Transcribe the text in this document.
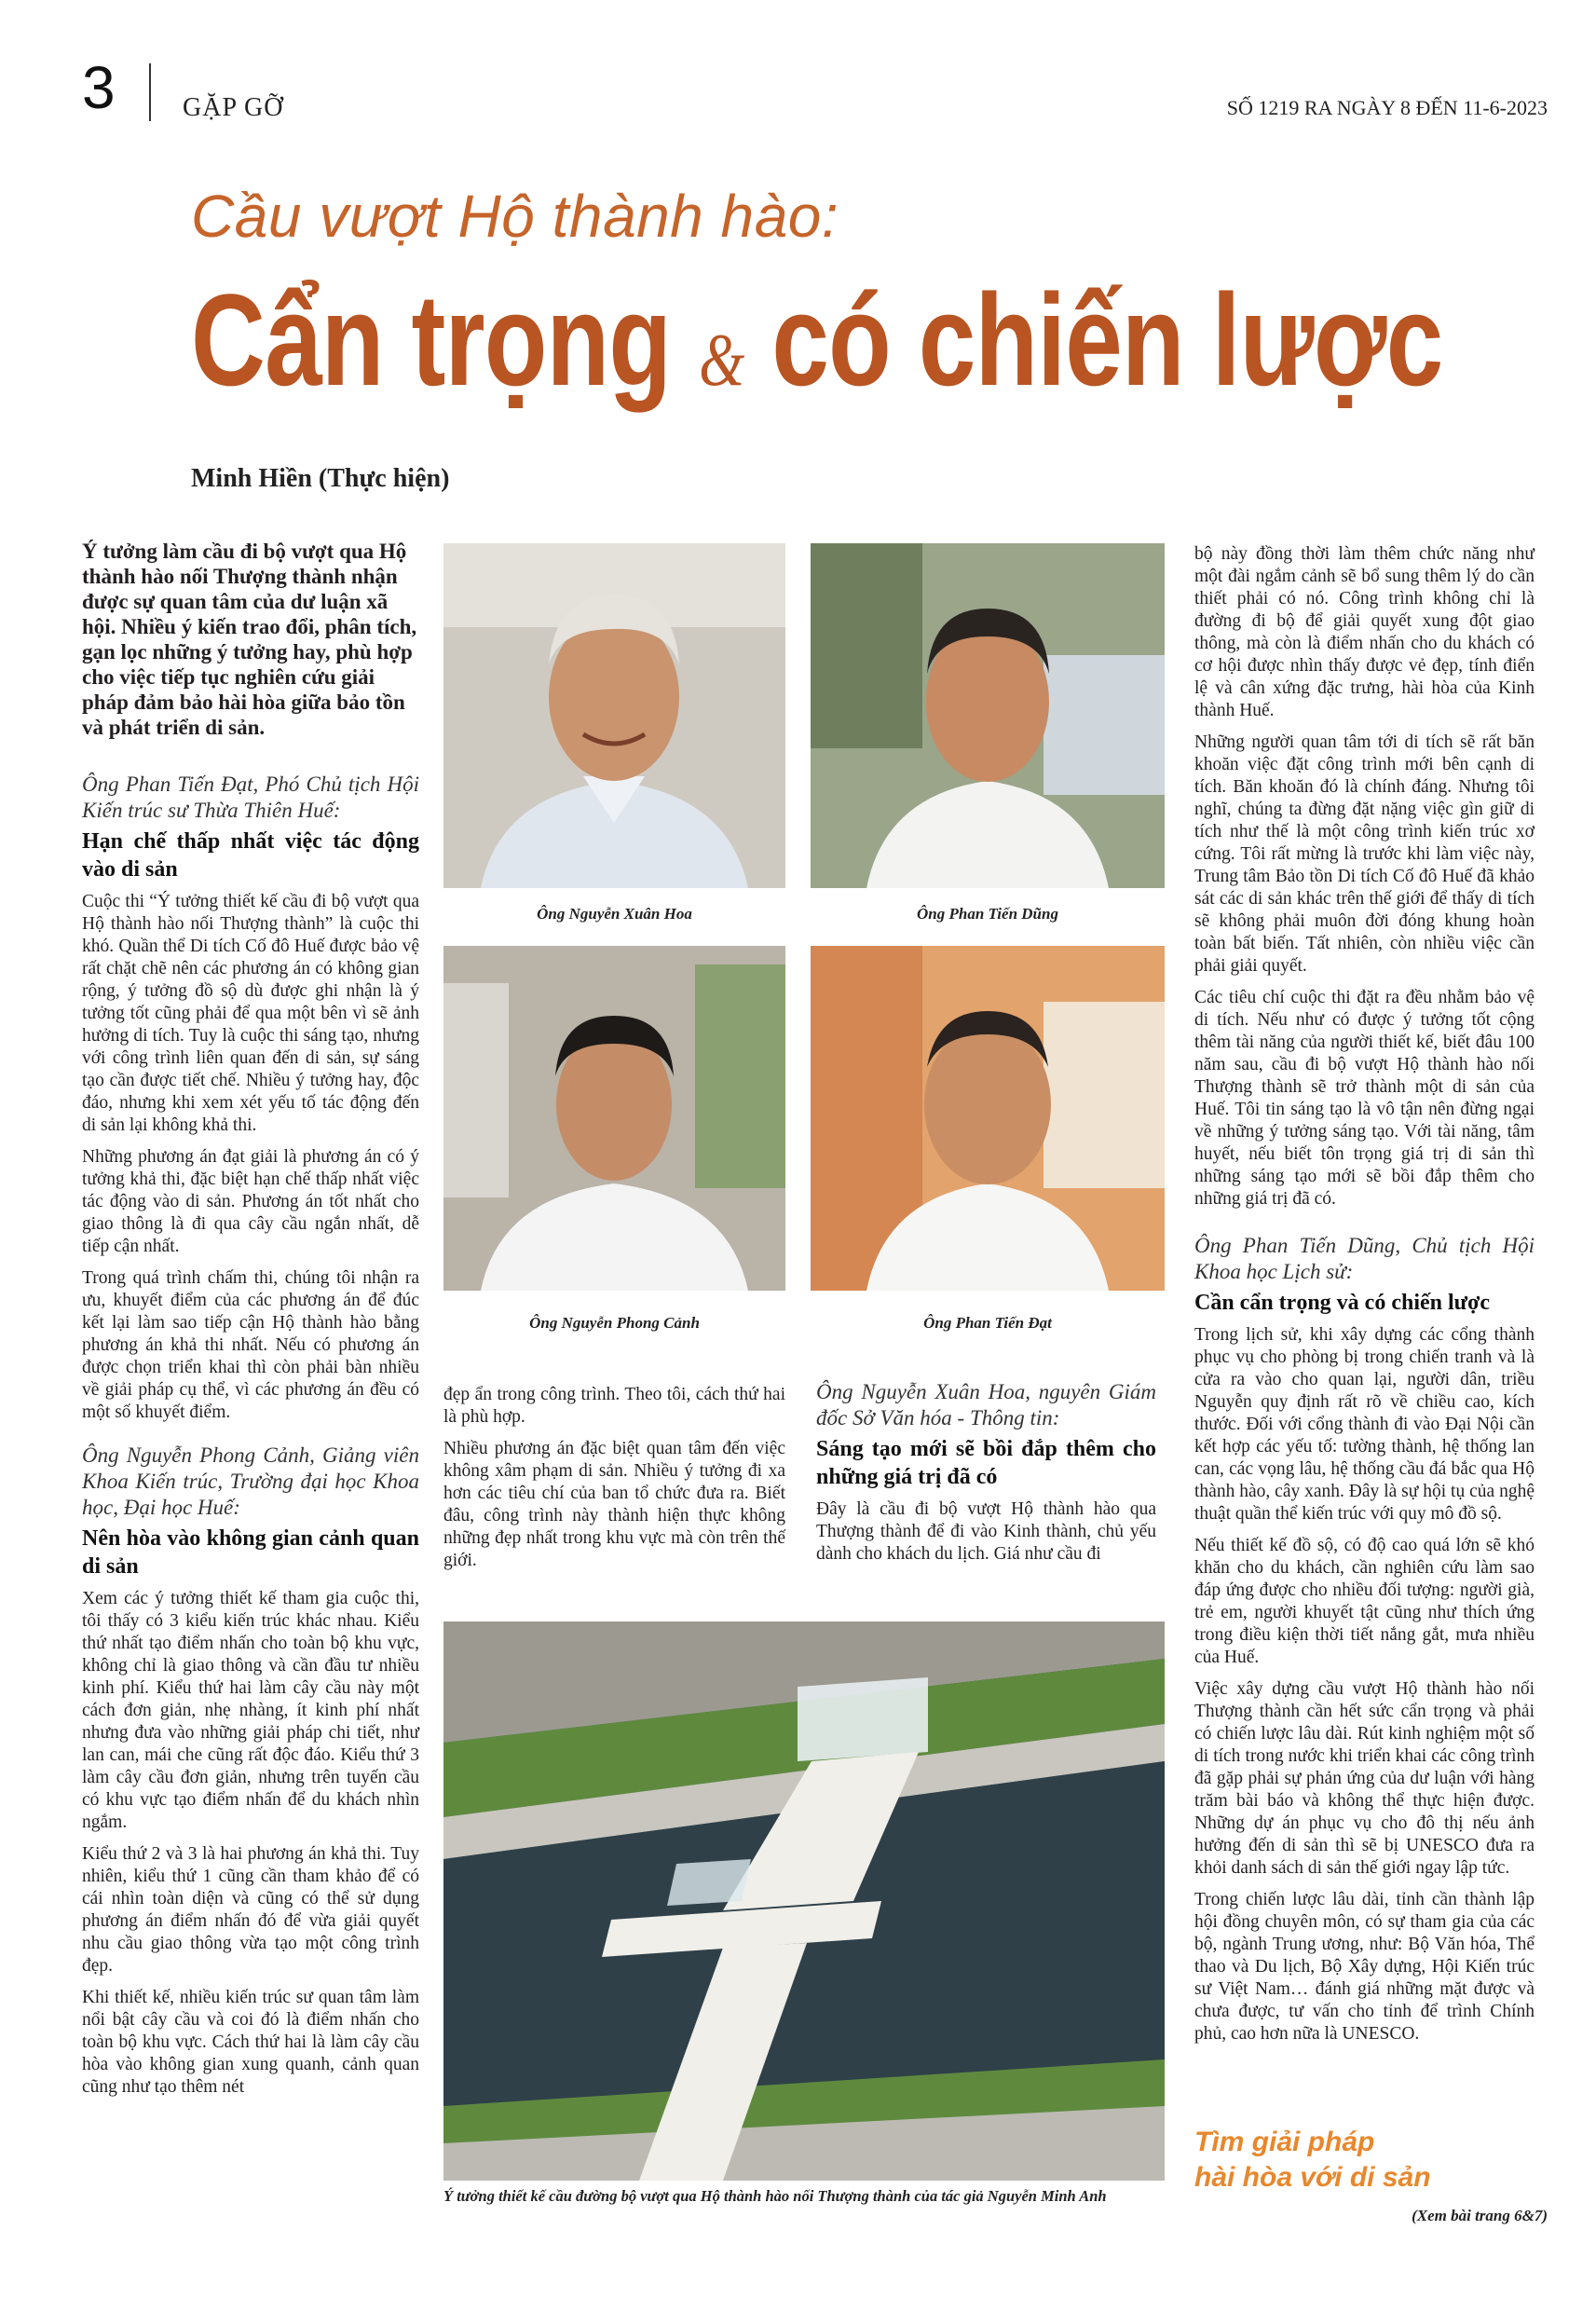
3	GẶP GỠ	SỐ 1219 RA NGÀY 8 ĐẾN 11-6-2023
Cầu vượt Hộ thành hào:
Cẩn trọng & có chiến lược
Minh Hiền (Thực hiện)

Ý tưởng làm cầu đi bộ vượt qua Hộ thành hào nối Thượng thành nhận được sự quan tâm của dư luận xã hội. Nhiều ý kiến trao đổi, phân tích, gạn lọc những ý tưởng hay, phù hợp cho việc tiếp tục nghiên cứu giải pháp đảm bảo hài hòa giữa bảo tồn và phát triển di sản.

Ông Phan Tiến Đạt, Phó Chủ tịch Hội Kiến trúc sư Thừa Thiên Huế:
Hạn chế thấp nhất việc tác động vào di sản

Cuộc thi “Ý tưởng thiết kế cầu đi bộ vượt qua Hộ thành hào nối Thượng thành” là cuộc thi khó. Quần thể Di tích Cố đô Huế được bảo vệ rất chặt chẽ nên các phương án có không gian rộng, ý tưởng đồ sộ dù được ghi nhận là ý tưởng tốt cũng phải để qua một bên vì sẽ ảnh hưởng di tích. Tuy là cuộc thi sáng tạo, nhưng với công trình liên quan đến di sản, sự sáng tạo cần được tiết chế. Nhiều ý tưởng hay, độc đáo, nhưng khi xem xét yếu tố tác động đến di sản lại không khả thi.

Những phương án đạt giải là phương án có ý tưởng khả thi, đặc biệt hạn chế thấp nhất việc tác động vào di sản. Phương án tốt nhất cho giao thông là đi qua cây cầu ngắn nhất, dễ tiếp cận nhất.

Trong quá trình chấm thi, chúng tôi nhận ra ưu, khuyết điểm của các phương án để đúc kết lại làm sao tiếp cận Hộ thành hào bằng phương án khả thi nhất. Nếu có phương án được chọn triển khai thì còn phải bàn nhiều về giải pháp cụ thể, vì các phương án đều có một số khuyết điểm.

Ông Nguyễn Phong Cảnh, Giảng viên Khoa Kiến trúc, Trường đại học Khoa học, Đại học Huế:
Nên hòa vào không gian cảnh quan di sản

Xem các ý tưởng thiết kế tham gia cuộc thi, tôi thấy có 3 kiểu kiến trúc khác nhau. Kiểu thứ nhất tạo điểm nhấn cho toàn bộ khu vực, không chỉ là giao thông và cần đầu tư nhiều kinh phí. Kiểu thứ hai làm cây cầu này một cách đơn giản, nhẹ nhàng, ít kinh phí nhất nhưng đưa vào những giải pháp chi tiết, như lan can, mái che cũng rất độc đáo. Kiểu thứ 3 làm cây cầu đơn giản, nhưng trên tuyến cầu có khu vực tạo điểm nhấn để du khách nhìn ngắm.

Kiểu thứ 2 và 3 là hai phương án khả thi. Tuy nhiên, kiểu thứ 1 cũng cần tham khảo để có cái nhìn toàn diện và cũng có thể sử dụng phương án điểm nhấn đó để vừa giải quyết nhu cầu giao thông vừa tạo một công trình đẹp.

Khi thiết kế, nhiều kiến trúc sư quan tâm làm nổi bật cây cầu và coi đó là điểm nhấn cho toàn bộ khu vực. Cách thứ hai là làm cây cầu hòa vào không gian xung quanh, cảnh quan cũng như tạo thêm nét

Ông Nguyễn Xuân Hoa	Ông Phan Tiến Dũng
Ông Nguyễn Phong Cảnh	Ông Phan Tiến Đạt

đẹp ẩn trong công trình. Theo tôi, cách thứ hai là phù hợp.

Nhiều phương án đặc biệt quan tâm đến việc không xâm phạm di sản. Nhiều ý tưởng đi xa hơn các tiêu chí của ban tổ chức đưa ra. Biết đâu, công trình này thành hiện thực không những đẹp nhất trong khu vực mà còn trên thế giới.

Ông Nguyễn Xuân Hoa, nguyên Giám đốc Sở Văn hóa - Thông tin:
Sáng tạo mới sẽ bồi đắp thêm cho những giá trị đã có

Đây là cầu đi bộ vượt Hộ thành hào qua Thượng thành để đi vào Kinh thành, chủ yếu dành cho khách du lịch. Giá như cầu đi

Ý tưởng thiết kế cầu đường bộ vượt qua Hộ thành hào nối Thượng thành của tác giả Nguyễn Minh Anh

bộ này đồng thời làm thêm chức năng như một đài ngắm cảnh sẽ bổ sung thêm lý do cần thiết phải có nó. Công trình không chỉ là đường đi bộ để giải quyết xung đột giao thông, mà còn là điểm nhấn cho du khách có cơ hội được nhìn thấy được vẻ đẹp, tính điển lệ và cân xứng đặc trưng, hài hòa của Kinh thành Huế.

Những người quan tâm tới di tích sẽ rất băn khoăn việc đặt công trình mới bên cạnh di tích. Băn khoăn đó là chính đáng. Nhưng tôi nghĩ, chúng ta đừng đặt nặng việc gìn giữ di tích như thế là một công trình kiến trúc xơ cứng. Tôi rất mừng là trước khi làm việc này, Trung tâm Bảo tồn Di tích Cố đô Huế đã khảo sát các di sản khác trên thế giới để thấy di tích sẽ không phải muôn đời đóng khung hoàn toàn bất biến. Tất nhiên, còn nhiều việc cần phải giải quyết.

Các tiêu chí cuộc thi đặt ra đều nhằm bảo vệ di tích. Nếu như có được ý tưởng tốt cộng thêm tài năng của người thiết kế, biết đâu 100 năm sau, cầu đi bộ vượt Hộ thành hào nối Thượng thành sẽ trở thành một di sản của Huế. Tôi tin sáng tạo là vô tận nên đừng ngại về những ý tưởng sáng tạo. Với tài năng, tâm huyết, nếu biết tôn trọng giá trị di sản thì những sáng tạo mới sẽ bồi đắp thêm cho những giá trị đã có.

Ông Phan Tiến Dũng, Chủ tịch Hội Khoa học Lịch sử:
Cần cẩn trọng và có chiến lược

Trong lịch sử, khi xây dựng các cổng thành phục vụ cho phòng bị trong chiến tranh và là cửa ra vào cho quan lại, người dân, triều Nguyễn quy định rất rõ về chiều cao, kích thước. Đối với cổng thành đi vào Đại Nội cần kết hợp các yếu tố: tường thành, hệ thống lan can, các vọng lâu, hệ thống cầu đá bắc qua Hộ thành hào, cây xanh. Đây là sự hội tụ của nghệ thuật quần thể kiến trúc với quy mô đồ sộ.

Nếu thiết kế đồ sộ, có độ cao quá lớn sẽ khó khăn cho du khách, cần nghiên cứu làm sao đáp ứng được cho nhiều đối tượng: người già, trẻ em, người khuyết tật cũng như thích ứng trong điều kiện thời tiết nắng gắt, mưa nhiều của Huế.

Việc xây dựng cầu vượt Hộ thành hào nối Thượng thành cần hết sức cẩn trọng và phải có chiến lược lâu dài. Rút kinh nghiệm một số di tích trong nước khi triển khai các công trình đã gặp phải sự phản ứng của dư luận với hàng trăm bài báo và không thể thực hiện được. Những dự án phục vụ cho đô thị nếu ảnh hưởng đến di sản thì sẽ bị UNESCO đưa ra khỏi danh sách di sản thế giới ngay lập tức.

Trong chiến lược lâu dài, tỉnh cần thành lập hội đồng chuyên môn, có sự tham gia của các bộ, ngành Trung ương, như: Bộ Văn hóa, Thể thao và Du lịch, Bộ Xây dựng, Hội Kiến trúc sư Việt Nam… đánh giá những mặt được và chưa được, tư vấn cho tỉnh để trình Chính phủ, cao hơn nữa là UNESCO.

Tìm giải pháp
hài hòa với di sản
(Xem bài trang 6&7)
